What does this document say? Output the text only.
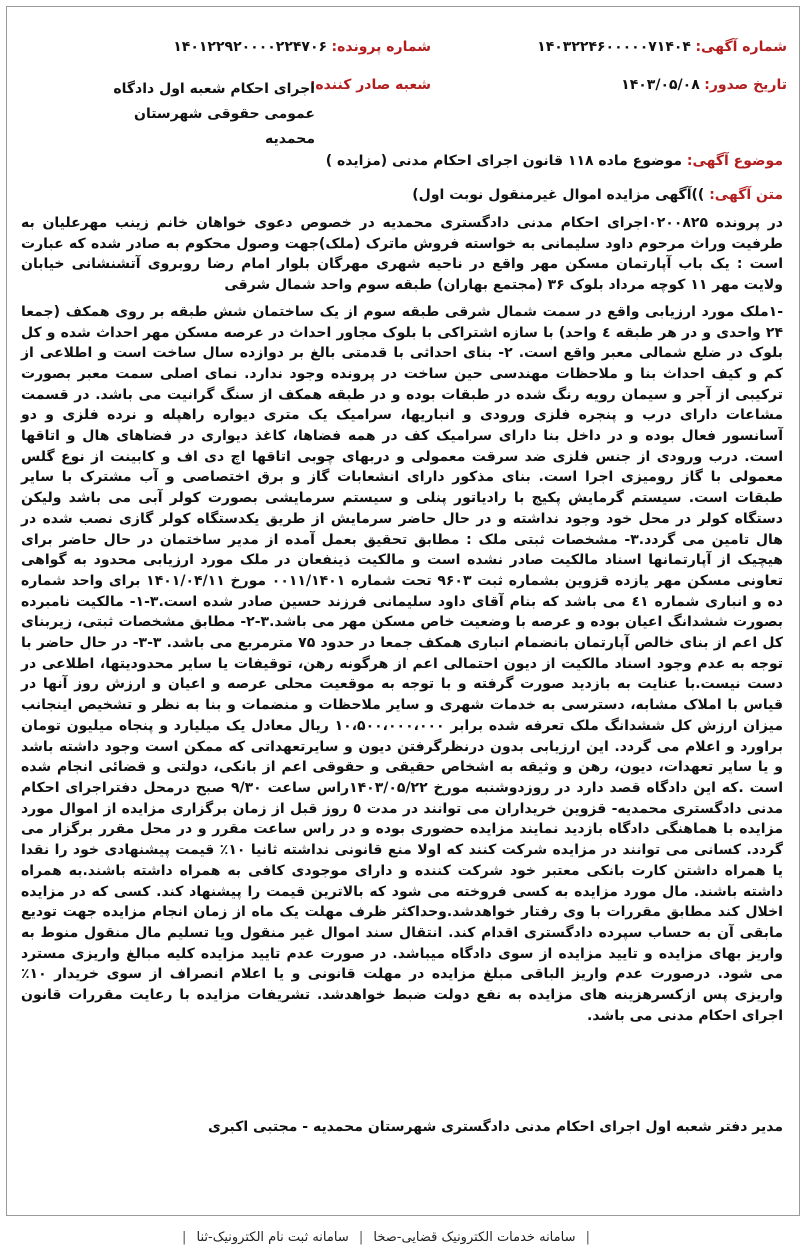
شماره آگهی: ۱۴۰۳۲۲۴۶۰۰۰۰۰۷۱۴۰۴
شماره پرونده: ۱۴۰۱۲۲۹۲۰۰۰۰۲۲۴۷۰۶
تاریخ صدور: ۱۴۰۳/۰۵/۰۸
شعبه صادر کننده:
اجرای احکام شعبه اول دادگاه عمومی حقوقی شهرستان محمدیه
موضوع آگهی: موضوع ماده ۱۱۸ قانون اجرای احکام مدنی (مزایده )
متن آگهی: ))آگهی مزایده اموال غیرمنقول نوبت اول)

در پرونده ۰۲۰۰۸۲۵اجرای احکام مدنی دادگستری محمدیه در خصوص دعوی خواهان خانم زینب مهرعلیان به طرفیت وراث مرحوم داود سلیمانی به خواسته فروش ماترک (ملک)جهت وصول محکوم به صادر شده که عبارت است : یک باب آپارتمان مسکن مهر واقع در ناحیه شهری مهرگان بلوار امام رضا روبروی آتشنشانی خیابان ولایت مهر ۱۱ کوچه مرداد بلوک ۳۶ (مجتمع بهاران) طبقه سوم واحد شمال شرقی

-۱ملک مورد ارزیابی واقع در سمت شمال شرقی طبقه سوم از یک ساختمان شش طبقه بر روی همکف (جمعا ۲۴ واحدی و در هر طبقه ٤ واحد) با سازه اشتراکی با بلوک مجاور احداث در عرصه مسکن مهر احداث شده و کل بلوک در ضلع شمالی معبر واقع است. ۲- بنای احداثی با قدمتی بالغ بر دوازده سال ساخت است و اطلاعی از کم و کیف احداث بنا و ملاحظات مهندسی حین ساخت در پرونده وجود ندارد. نمای اصلی سمت معبر بصورت ترکیبی از آجر و سیمان رویه رنگ شده در طبقات بوده و در طبقه همکف از سنگ گرانیت می باشد. در قسمت مشاعات دارای درب و پنجره فلزی ورودی و انباریها، سرامیک یک متری دیواره راهپله و نرده فلزی و دو آسانسور فعال بوده و در داخل بنا دارای سرامیک کف در همه فضاها، کاغذ دیواری در فضاهای هال و اتاقها است. درب ورودی از جنس فلزی ضد سرقت معمولی و دربهای چوبی اتاقها اچ دی اف و کابینت از نوع گلس معمولی با گاز رومیزی اجرا است. بنای مذکور دارای انشعابات گاز و برق اختصاصی و آب مشترک با سایر طبقات است. سیستم گرمایش پکیج با رادیاتور پنلی و سیستم سرمایشی بصورت کولر آبی می باشد ولیکن دستگاه کولر در محل خود وجود نداشته و در حال حاضر سرمایش از طریق یکدستگاه کولر گازی نصب شده در هال تامین می گردد.۳- مشخصات ثبتی ملک : مطابق تحقیق بعمل آمده از مدیر ساختمان در حال حاضر برای هیچیک از آپارتمانها اسناد مالکیت صادر نشده است و مالکیت ذینفعان در ملک مورد ارزیابی محدود به گواهی تعاونی مسکن مهر یازده قزوین بشماره ثبت ۹۶۰۳ تحت شماره ۰۰۱۱/۱۴۰۱ مورخ ۱۴۰۱/۰۴/۱۱ برای واحد شماره ده و انباری شماره ٤۱ می باشد که بنام آقای داود سلیمانی فرزند حسین صادر شده است.۳-۱- مالکیت نامبرده بصورت ششدانگ اعیان بوده و عرصه با وضعیت خاص مسکن مهر می باشد.۳-۲- مطابق مشخصات ثبتی، زیربنای کل اعم از بنای خالص آپارتمان بانضمام انباری همکف جمعا در حدود ۷۵ مترمربع می باشد. ۳-۳- در حال حاضر با توجه به عدم وجود اسناد مالکیت از دیون احتمالی اعم از هرگونه رهن، توقیفات یا سایر محدودیتها، اطلاعی در دست نیست.با عنایت به بازدید صورت گرفته و با توجه به موقعیت محلی عرصه و اعیان و ارزش روز آنها در قیاس با املاک مشابه، دسترسی به خدمات شهری و سایر ملاحظات و منضمات و بنا به نظر و تشخیص اینجانب میزان ارزش کل ششدانگ ملک تعرفه شده برابر ۱۰،۵۰۰،۰۰۰،۰۰۰ ریال معادل یک میلیارد و پنجاه میلیون تومان براورد و اعلام می گردد. این ارزیابی بدون درنظرگرفتن دیون و سایرتعهداتی که ممکن است وجود داشته باشد و یا سایر تعهدات، دیون، رهن و وثیقه به اشخاص حقیقی و حقوقی اعم از بانکی، دولتی و قضائی انجام شده است .که این دادگاه قصد دارد در روزدوشنبه مورخ ۱۴۰۳/۰۵/۲۲راس ساعت ۹/۳۰ صبح درمحل دفتراجرای احکام مدنی دادگستری محمدیه- قزوین خریداران می توانند در مدت ٥ روز قبل از زمان برگزاری مزایده از اموال مورد مزایده با هماهنگی دادگاه بازدید نمایند مزایده حضوری بوده و در راس ساعت مقرر و در محل مقرر برگزار می گردد. کسانی می توانند در مزایده شرکت کنند که اولا منع قانونی نداشته ثانیا ۱۰٪ قیمت پیشنهادی خود را نقدا یا همراه داشتن کارت بانکی معتبر خود شرکت کننده و دارای موجودی کافی به همراه داشته باشند.به همراه داشته باشند. مال مورد مزایده به کسی فروخته می شود که بالاترین قیمت را پیشنهاد کند. کسی که در مزایده اخلال کند مطابق مقررات با وی رفتار خواهدشد.وحداکثر ظرف مهلت یک ماه از زمان انجام مزایده جهت تودیع مابقی آن به حساب سپرده دادگستری اقدام کند. انتقال سند اموال غیر منقول ویا تسلیم مال منقول منوط به واریز بهای مزایده و تایید مزایده از سوی دادگاه میباشد. در صورت عدم تایید مزایده کلیه مبالغ واریزی مسترد می شود. درصورت عدم واریز الباقی مبلغ مزایده در مهلت قانونی و یا اعلام انصراف از سوی خریدار ۱۰٪ واریزی پس ازکسرهزینه های مزایده به نفع دولت ضبط خواهدشد. تشریفات مزایده با رعایت مقررات قانون اجرای احکام مدنی می باشد.

مدیر دفتر شعبه اول اجرای احکام مدنی دادگستری شهرستان محمدیه - مجتبی اکبری
| سامانه خدمات الکترونیک قضایی-صخا | سامانه ثبت نام الکترونیک-ثنا |
